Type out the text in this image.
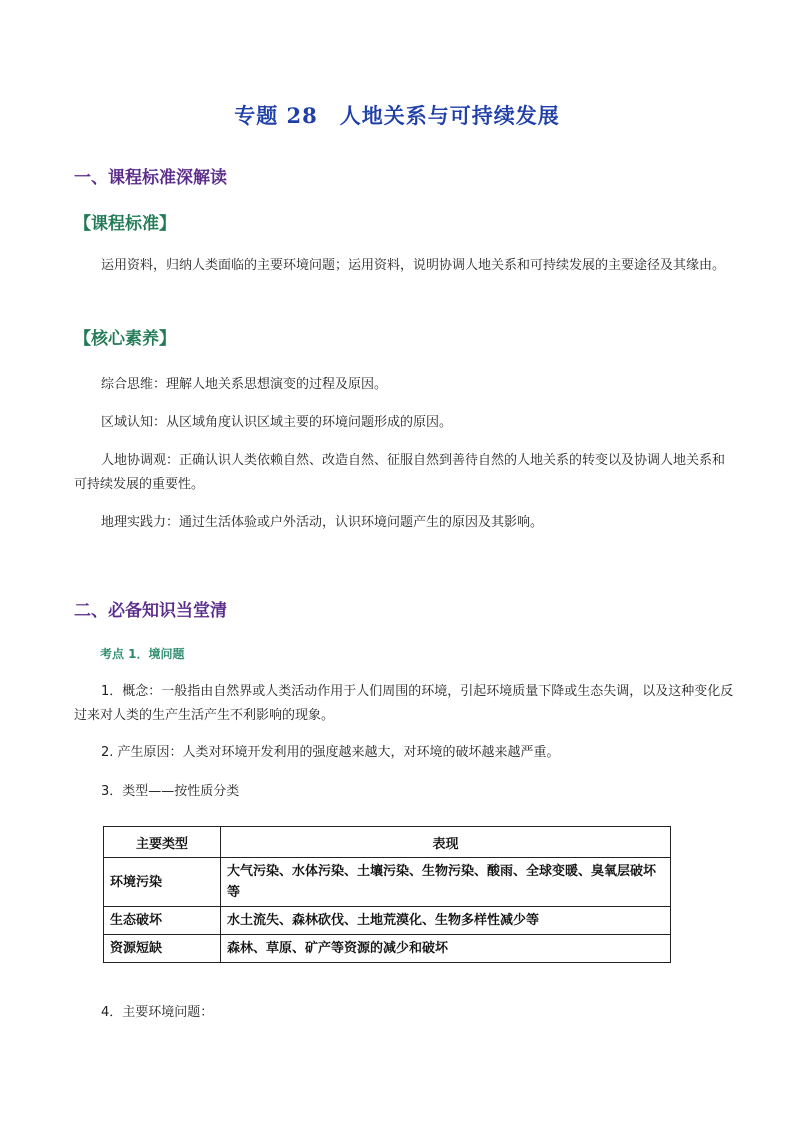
专题 28　人地关系与可持续发展
一、课程标准深解读
【课程标准】
运用资料，归纳人类面临的主要环境问题；运用资料，说明协调人地关系和可持续发展的主要途径及其缘由。
【核心素养】
综合思维：理解人地关系思想演变的过程及原因。
区域认知：从区域角度认识区域主要的环境问题形成的原因。
人地协调观：正确认识人类依赖自然、改造自然、征服自然到善待自然的人地关系的转变以及协调人地关系和可持续发展的重要性。
地理实践力：通过生活体验或户外活动，认识环境问题产生的原因及其影响。
二、必备知识当堂清
考点 1．境问题
1．概念：一般指由自然界或人类活动作用于人们周围的环境，引起环境质量下降或生态失调，以及这种变化反过来对人类的生产生活产生不利影响的现象。
2. 产生原因：人类对环境开发利用的强度越来越大，对环境的破坏越来越严重。
3．类型——按性质分类
主要类型	表现
环境污染	大气污染、水体污染、土壤污染、生物污染、酸雨、全球变暖、臭氧层破坏等
生态破坏	水土流失、森林砍伐、土地荒漠化、生物多样性减少等
资源短缺	森林、草原、矿产等资源的减少和破坏
4．主要环境问题：
